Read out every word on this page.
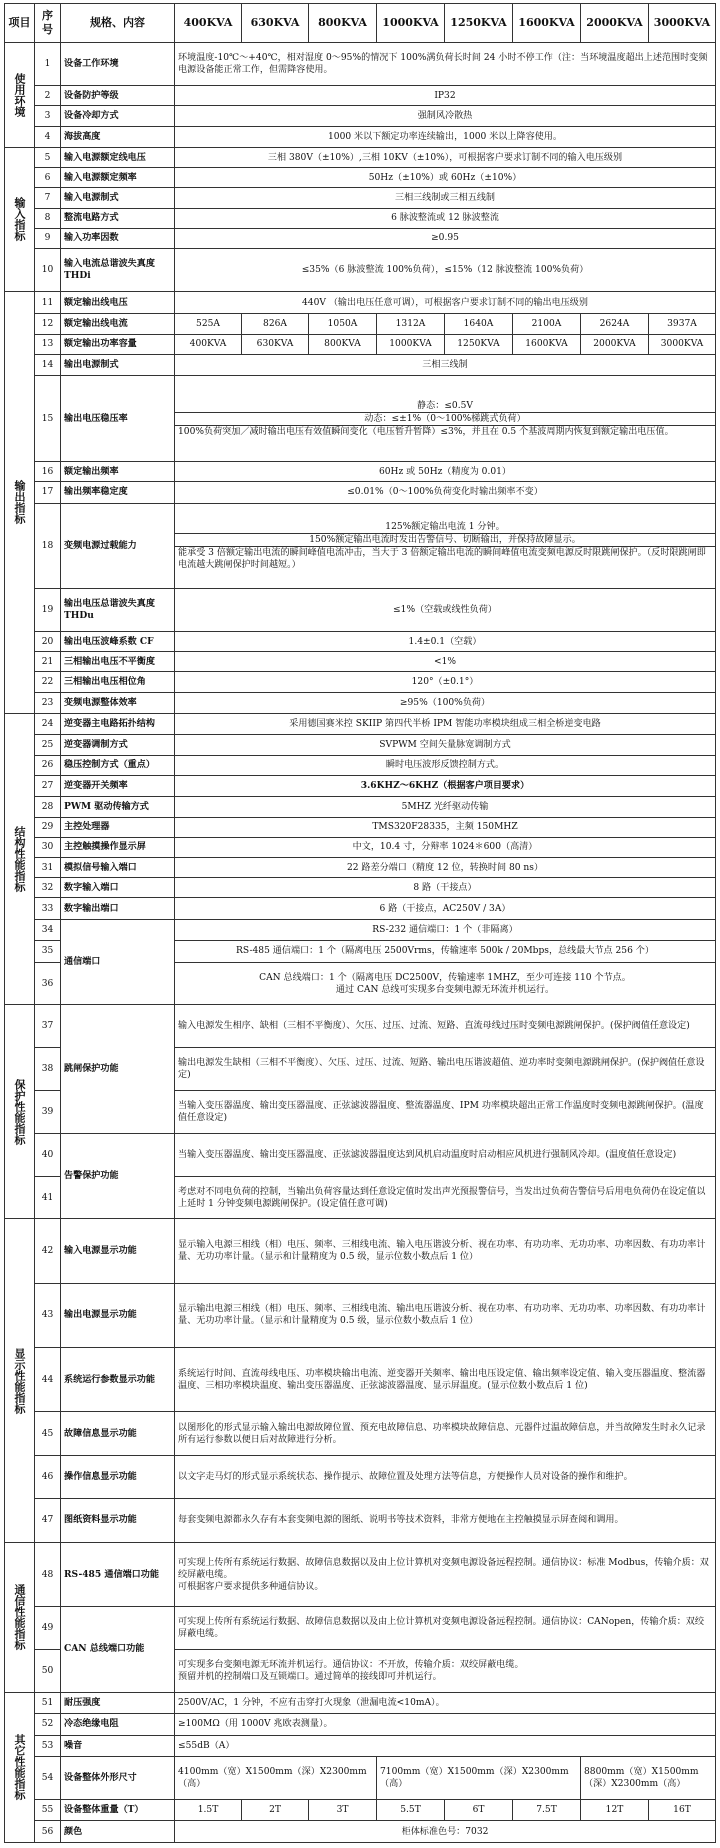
项目	序号	规格、内容	400KVA	630KVA	800KVA	1000KVA	1250KVA	1600KVA	2000KVA	3000KVA
使用环境	1	设备工作环境	环境温度-10℃～+40℃，相对湿度 0～95%的情况下 100%满负荷长时间 24 小时不停工作（注：当环境温度超出上述范围时变频电源设备能正常工作，但需降容使用。							
	2	设备防护等级	IP32							
	3	设备冷却方式	强制风冷散热							
	4	海拔高度	1000 米以下额定功率连续输出，1000 米以上降容使用。							
输入指标	5	输入电源额定线电压	三相 380V（±10%）,三相 10KV（±10%），可根据客户要求订制不同的输入电压级别							
	6	输入电源额定频率	50Hz（±10%）或 60Hz（±10%）							
	7	输入电源制式	三相三线制或三相五线制							
	8	整流电路方式	6 脉波整流或 12 脉波整流							
	9	输入功率因数	≥0.95							
	10	输入电流总谐波失真度 THDi	≤35%（6 脉波整流 100%负荷），≤15%（12 脉波整流 100%负荷）							
输出指标	11	额定输出线电压	440V （输出电压任意可调），可根据客户要求订制不同的输出电压级别							
	12	额定输出线电流	525A	826A	1050A	1312A	1640A	2100A	2624A	3937A
	13	额定输出功率容量	400KVA	630KVA	800KVA	1000KVA	1250KVA	1600KVA	2000KVA	3000KVA
	14	输出电源制式	三相三线制							
	15	输出电压稳压率	静态：≤0.5V
动态：≤±1%（0～100%梯跳式负荷）
100%负荷突加／减时输出电压有效值瞬间变化（电压暂升暂降）≤3%，并且在 0.5 个基波周期内恢复到额定输出电压值。							

	16	额定输出频率	60Hz 或 50Hz（精度为 0.01）							
	17	输出频率稳定度	≤0.01%（0～100%负荷变化时输出频率不变）							
	18	变频电源过载能力	125%额定输出电流 1 分钟。
150%额定输出电流时发出告警信号、切断输出，并保持故障显示。
能承受 3 倍额定输出电流的瞬间峰值电流冲击，当大于 3 倍额定输出电流的瞬间峰值电流变频电源反时限跳闸保护。（反时限跳闸即电流越大跳闸保护时间越短。）							

	19	输出电压总谐波失真度 THDu	≤1%（空载或线性负荷）							
	20	输出电压波峰系数 CF	1.4±0.1（空载）							
	21	三相输出电压不平衡度	<1%							
	22	三相输出电压相位角	120°（±0.1°）							
	23	变频电源整体效率	≥95%（100%负荷）							
结构性能指标	24	逆变器主电路拓扑结构	采用德国赛米控 SKIIP 第四代半桥 IPM 智能功率模块组成三相全桥逆变电路							
	25	逆变器调制方式	SVPWM 空间矢量脉宽调制方式							
	26	稳压控制方式（重点）	瞬时电压波形反馈控制方式。							
	27	逆变器开关频率	3.6KHZ～6KHZ（根据客户项目要求）							
	28	PWM 驱动传输方式	5MHZ 光纤驱动传输							
	29	主控处理器	TMS320F28335，主频 150MHZ							
	30	主控触摸操作显示屏	中文，10.4 寸，分辩率 1024＊600（高清）							
	31	模拟信号输入端口	22 路差分端口（精度 12 位，转换时间 80 ns）							
	32	数字输入端口	8 路（干接点）							
	33	数字输出端口	6 路（干接点，AC250V / 3A）							
	34	通信端口	RS-232 通信端口：1 个（非隔离）							
	35		RS-485 通信端口：1 个（隔离电压 2500Vrms，传输速率 500k / 20Mbps，总线最大节点 256 个）							
	36		CAN 总线端口：1 个（隔离电压 DC2500V，传输速率 1MHZ，至少可连接 110 个节点。
通过 CAN 总线可实现多台变频电源无环流并机运行。							

保护性能指标	37	跳闸保护功能	输入电源发生相序、缺相（三相不平衡度）、欠压、过压、过流、短路、直流母线过压时变频电源跳闸保护。(保护阀值任意设定)							
	38		输出电源发生缺相（三相不平衡度）、欠压、过压、过流、短路、输出电压谐波超值、逆功率时变频电源跳闸保护。(保护阀值任意设定)							
	39		当输入变压器温度、输出变压器温度、正弦滤波器温度、整流器温度、IPM 功率模块超出正常工作温度时变频电源跳闸保护。(温度值任意设定)							
	40	告警保护功能	当输入变压器温度、输出变压器温度、正弦滤波器温度达到风机启动温度时启动相应风机进行强制风冷却。(温度值任意设定)							
	41		考虑对不同电负荷的控制，当输出负荷容量达到任意设定值时发出声光预报警信号，当发出过负荷告警信号后用电负荷仍在设定值以上延时 1 分钟变频电源跳闸保护。(设定值任意可调)							
显示性能指标	42	输入电源显示功能	显示输入电源三相线（相）电压、频率、三相线电流、输入电压谐波分析、视在功率、有功功率、无功功率、功率因数、有功功率计量、无功功率计量。（显示和计量精度为 0.5 级，显示位数小数点后 1 位）							
	43	输出电源显示功能	显示输出电源三相线（相）电压、频率、三相线电流、输出电压谐波分析、视在功率、有功功率、无功功率、功率因数、有功功率计量、无功功率计量。（显示和计量精度为 0.5 级，显示位数小数点后 1 位）							
	44	系统运行参数显示功能	系统运行时间、直流母线电压、功率模块输出电流、逆变器开关频率、输出电压设定值、输出频率设定值、输入变压器温度、整流器温度、三相功率模块温度、输出变压器温度、正弦滤波器温度、显示屏温度。(显示位数小数点后 1 位)							
	45	故障信息显示功能	以图形化的形式显示输入输出电源故障位置、预充电故障信息、功率模块故障信息、元器件过温故障信息，并当故障发生时永久记录所有运行参数以便日后对故障进行分析。							
	46	操作信息显示功能	以文字走马灯的形式显示系统状态、操作提示、故障位置及处理方法等信息，方便操作人员对设备的操作和维护。							
	47	图纸资料显示功能	每套变频电源都永久存有本套变频电源的图纸、说明书等技术资料，非常方便地在主控触摸显示屏查阅和调用。							
通信性能指标	48	RS-485 通信端口功能	可实现上传所有系统运行数据、故障信息数据以及由上位计算机对变频电源设备远程控制。通信协议：标准 Modbus，传输介质：双绞屏蔽电缆。
可根据客户要求提供多种通信协议。							

	49	CAN 总线端口功能	可实现上传所有系统运行数据、故障信息数据以及由上位计算机对变频电源设备远程控制。通信协议：CANopen，传输介质：双绞屏蔽电缆。							
	50		可实现多台变频电源无环流并机运行。通信协议：不开放，传输介质：双绞屏蔽电缆。
预留并机的控制端口及互锁端口。通过简单的接线即可并机运行。							

其它性能指标	51	耐压强度	2500V/AC，1 分钟，不应有击穿打火现象（泄漏电流<10mA）。							
	52	冷态绝缘电阻	≥100MΩ（用 1000V 兆欧表测量）。							
	53	噪音	≤55dB（A）							
	54	设备整体外形尺寸	4100mm（宽）X1500mm（深）X2300mm（高）			7100mm（宽）X1500mm（深）X2300mm（高）			8800mm（宽）X1500mm（深）X2300mm（高）	
	55	设备整体重量（T）	1.5T	2T	3T	5.5T	6T	7.5T	12T	16T
	56	颜色	柜体标准色号：7032							
